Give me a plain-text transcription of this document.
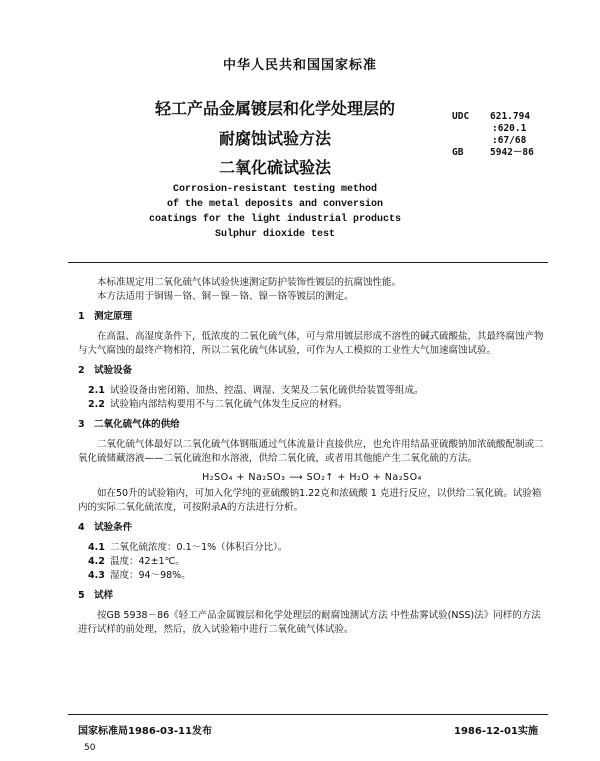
中华人民共和国国家标准
轻工产品金属镀层和化学处理层的
耐腐蚀试验方法
二氧化硫试验法
UDC 621.794
:620.1
:67/68
GB	5942－86
Corrosion-resistant testing method
of the metal deposits and conversion
coatings for the light industrial products
Sulphur dioxide test

本标准规定用二氧化硫气体试验快速测定防护装饰性镀层的抗腐蚀性能。

本方法适用于铜锡－铬、铜－镍－铬、镍－铬等镀层的测定。

1　测定原理

在高温、高湿度条件下，低浓度的二氧化硫气体，可与常用镀层形成不溶性的碱式硫酸盐，其最终腐蚀产物与大气腐蚀的最终产物相符，所以二氧化硫气体试验，可作为人工模拟的工业性大气加速腐蚀试验。

2　试验设备

2.1 试验设备由密闭箱、加热、控温、调湿、支架及二氧化硫供给装置等组成。

2.2 试验箱内部结构要用不与二氧化硫气体发生反应的材料。

3　二氧化硫气体的供给

二氧化硫气体最好以二氧化硫气体钢瓶通过气体流量计直接供应，也允许用结晶亚硫酸钠加浓硫酸配制或二氧化硫储藏溶液——二氧化硫泡和水溶液，供给二氧化硫，或者用其他能产生二氧化硫的方法。

H₂SO₄ + Na₂SO₃ ⟶ SO₂↑ + H₂O + Na₂SO₄

如在50升的试验箱内，可加入化学纯的亚硫酸钠1.22克和浓硫酸 1 克进行反应，以供给二氧化硫。试验箱内的实际二氧化硫浓度，可按附录A的方法进行分析。

4　试验条件

4.1 二氧化硫浓度：0.1～1%（体积百分比）。

4.2 温度：42±1℃。

4.3 湿度：94～98%。

5　试样

按GB 5938－86《轻工产品金属镀层和化学处理层的耐腐蚀测试方法 中性盐雾试验(NSS)法》同样的方法进行试样的前处理，然后，放入试验箱中进行二氧化硫气体试验。

国家标准局1986-03-11发布	1986-12-01实施
50
